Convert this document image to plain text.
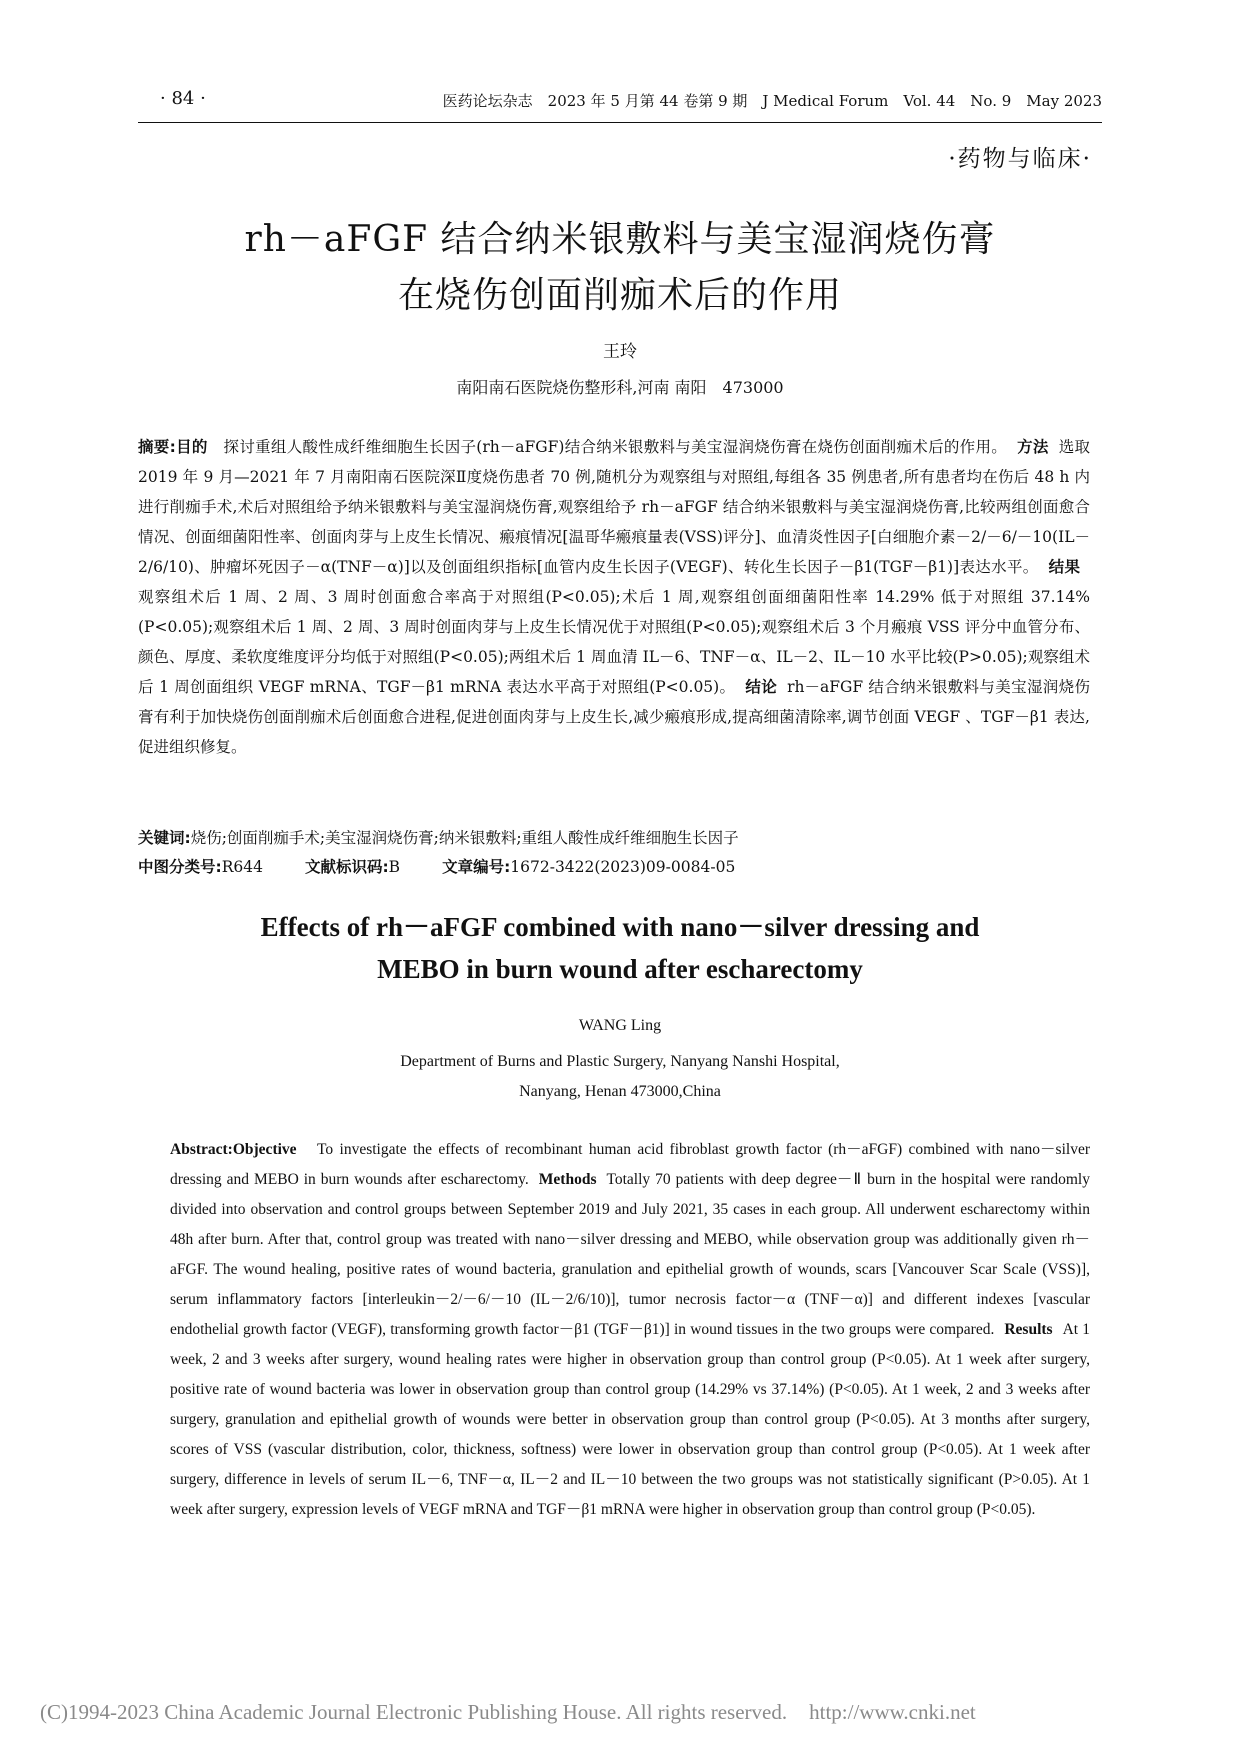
· 84 ·	医药论坛杂志　2023 年 5 月第 44 卷第 9 期　J Medical Forum　Vol. 44　No. 9　May 2023
·药物与临床·
rh－aFGF 结合纳米银敷料与美宝湿润烧伤膏
在烧伤创面削痂术后的作用
王玲
南阳南石医院烧伤整形科,河南 南阳　473000

摘要:目的　 探讨重组人酸性成纤维细胞生长因子(rh－aFGF)结合纳米银敷料与美宝湿润烧伤膏在烧伤创面削痂术后的作用。 方法 选取 2019 年 9 月—2021 年 7 月南阳南石医院深Ⅱ度烧伤患者 70 例,随机分为观察组与对照组,每组各 35 例患者,所有患者均在伤后 48 h 内进行削痂手术,术后对照组给予纳米银敷料与美宝湿润烧伤膏,观察组给予 rh－aFGF 结合纳米银敷料与美宝湿润烧伤膏,比较两组创面愈合情况、创面细菌阳性率、创面肉芽与上皮生长情况、瘢痕情况[温哥华瘢痕量表(VSS)评分]、血清炎性因子[白细胞介素－2/－6/－10(IL－2/6/10)、肿瘤坏死因子－α(TNF－α)]以及创面组织指标[血管内皮生长因子(VEGF)、转化生长因子－β1(TGF－β1)]表达水平。 结果观察组术后 1 周、2 周、3 周时创面愈合率高于对照组(P<0.05);术后 1 周,观察组创面细菌阳性率 14.29% 低于对照组 37.14%(P<0.05);观察组术后 1 周、2 周、3 周时创面肉芽与上皮生长情况优于对照组(P<0.05);观察组术后 3 个月瘢痕 VSS 评分中血管分布、颜色、厚度、柔软度维度评分均低于对照组(P<0.05);两组术后 1 周血清 IL－6、TNF－α、IL－2、IL－10 水平比较(P>0.05);观察组术后 1 周创面组织 VEGF mRNA、TGF－β1 mRNA 表达水平高于对照组(P<0.05)。 结论 rh－aFGF 结合纳米银敷料与美宝湿润烧伤膏有利于加快烧伤创面削痂术后创面愈合进程,促进创面肉芽与上皮生长,减少瘢痕形成,提高细菌清除率,调节创面 VEGF 、TGF－β1 表达,促进组织修复。

关键词:烧伤;创面削痂手术;美宝湿润烧伤膏;纳米银敷料;重组人酸性成纤维细胞生长因子

中图分类号:R644	文献标识码:B	文章编号:1672-3422(2023)09-0084-05

Effects of rh－aFGF combined with nano－silver dressing and
MEBO in burn wound after escharectomy
WANG Ling
Department of Burns and Plastic Surgery, Nanyang Nanshi Hospital,
Nanyang, Henan 473000,China

Abstract:Objective　 To investigate the effects of recombinant human acid fibroblast growth factor (rh－aFGF) combined with nano－silver dressing and MEBO in burn wounds after escharectomy. Methods Totally 70 patients with deep degree－Ⅱ burn in the hospital were randomly divided into observation and control groups between September 2019 and July 2021, 35 cases in each group. All underwent escharectomy within 48h after burn. After that, control group was treated with nano－silver dressing and MEBO, while observation group was additionally given rh－aFGF. The wound healing, positive rates of wound bacteria, granulation and epithelial growth of wounds, scars [Vancouver Scar Scale (VSS)], serum inflammatory factors [interleukin－2/－6/－10 (IL－2/6/10)], tumor necrosis factor－α (TNF－α)] and different indexes [vascular endothelial growth factor (VEGF), transforming growth factor－β1 (TGF－β1)] in wound tissues in the two groups were compared. Results At 1 week, 2 and 3 weeks after surgery, wound healing rates were higher in observation group than control group (P<0.05). At 1 week after surgery, positive rate of wound bacteria was lower in observation group than control group (14.29% vs 37.14%) (P<0.05). At 1 week, 2 and 3 weeks after surgery, granulation and epithelial growth of wounds were better in observation group than control group (P<0.05). At 3 months after surgery, scores of VSS (vascular distribution, color, thickness, softness) were lower in observation group than control group (P<0.05). At 1 week after surgery, difference in levels of serum IL－6, TNF－α, IL－2 and IL－10 between the two groups was not statistically significant (P>0.05). At 1 week after surgery, expression levels of VEGF mRNA and TGF－β1 mRNA were higher in observation group than control group (P<0.05).

(C)1994-2023 China Academic Journal Electronic Publishing House. All rights reserved. http://www.cnki.net
